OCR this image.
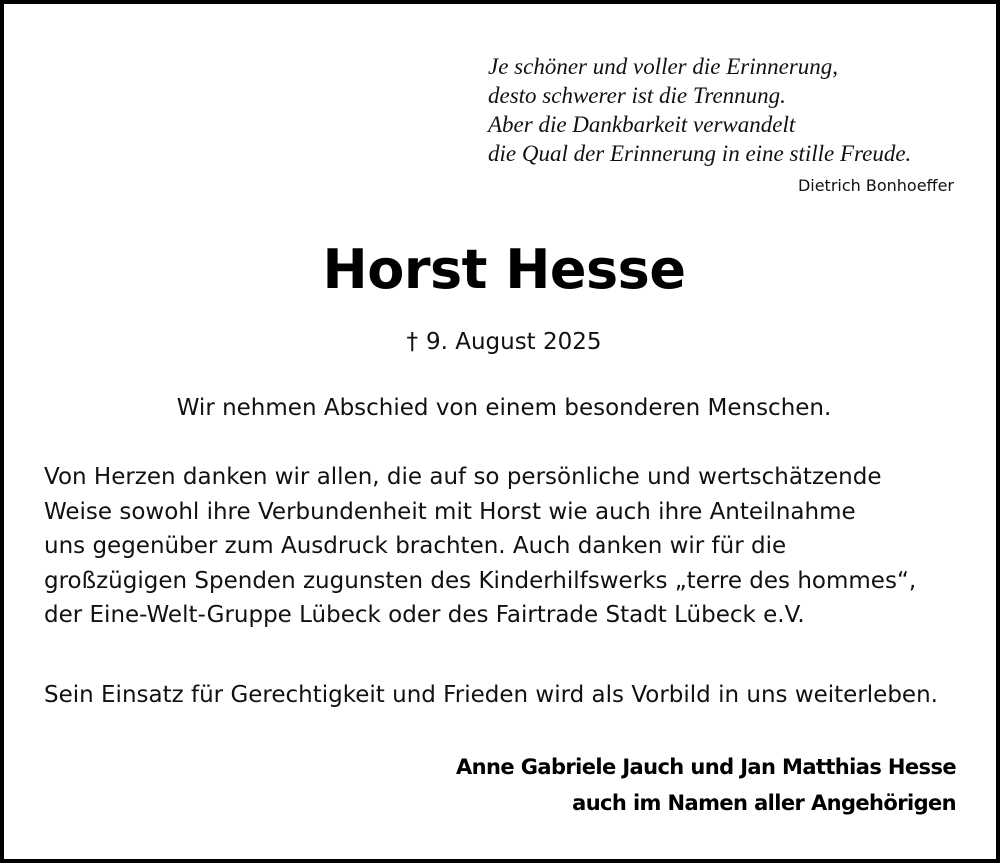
Je schöner und voller die Erinnerung,
desto schwerer ist die Trennung.
Aber die Dankbarkeit verwandelt
die Qual der Erinnerung in eine stille Freude.
Dietrich Bonhoeffer
Horst Hesse
† 9. August 2025
Wir nehmen Abschied von einem besonderen Menschen.
Von Herzen danken wir allen, die auf so persönliche und wertschätzende
Weise sowohl ihre Verbundenheit mit Horst wie auch ihre Anteilnahme
uns gegenüber zum Ausdruck brachten. Auch danken wir für die
großzügigen Spenden zugunsten des Kinderhilfswerks „terre des hommes“,
der Eine-Welt-Gruppe Lübeck oder des Fairtrade Stadt Lübeck e.V.
Sein Einsatz für Gerechtigkeit und Frieden wird als Vorbild in uns weiterleben.
Anne Gabriele Jauch und Jan Matthias Hesse
auch im Namen aller Angehörigen
